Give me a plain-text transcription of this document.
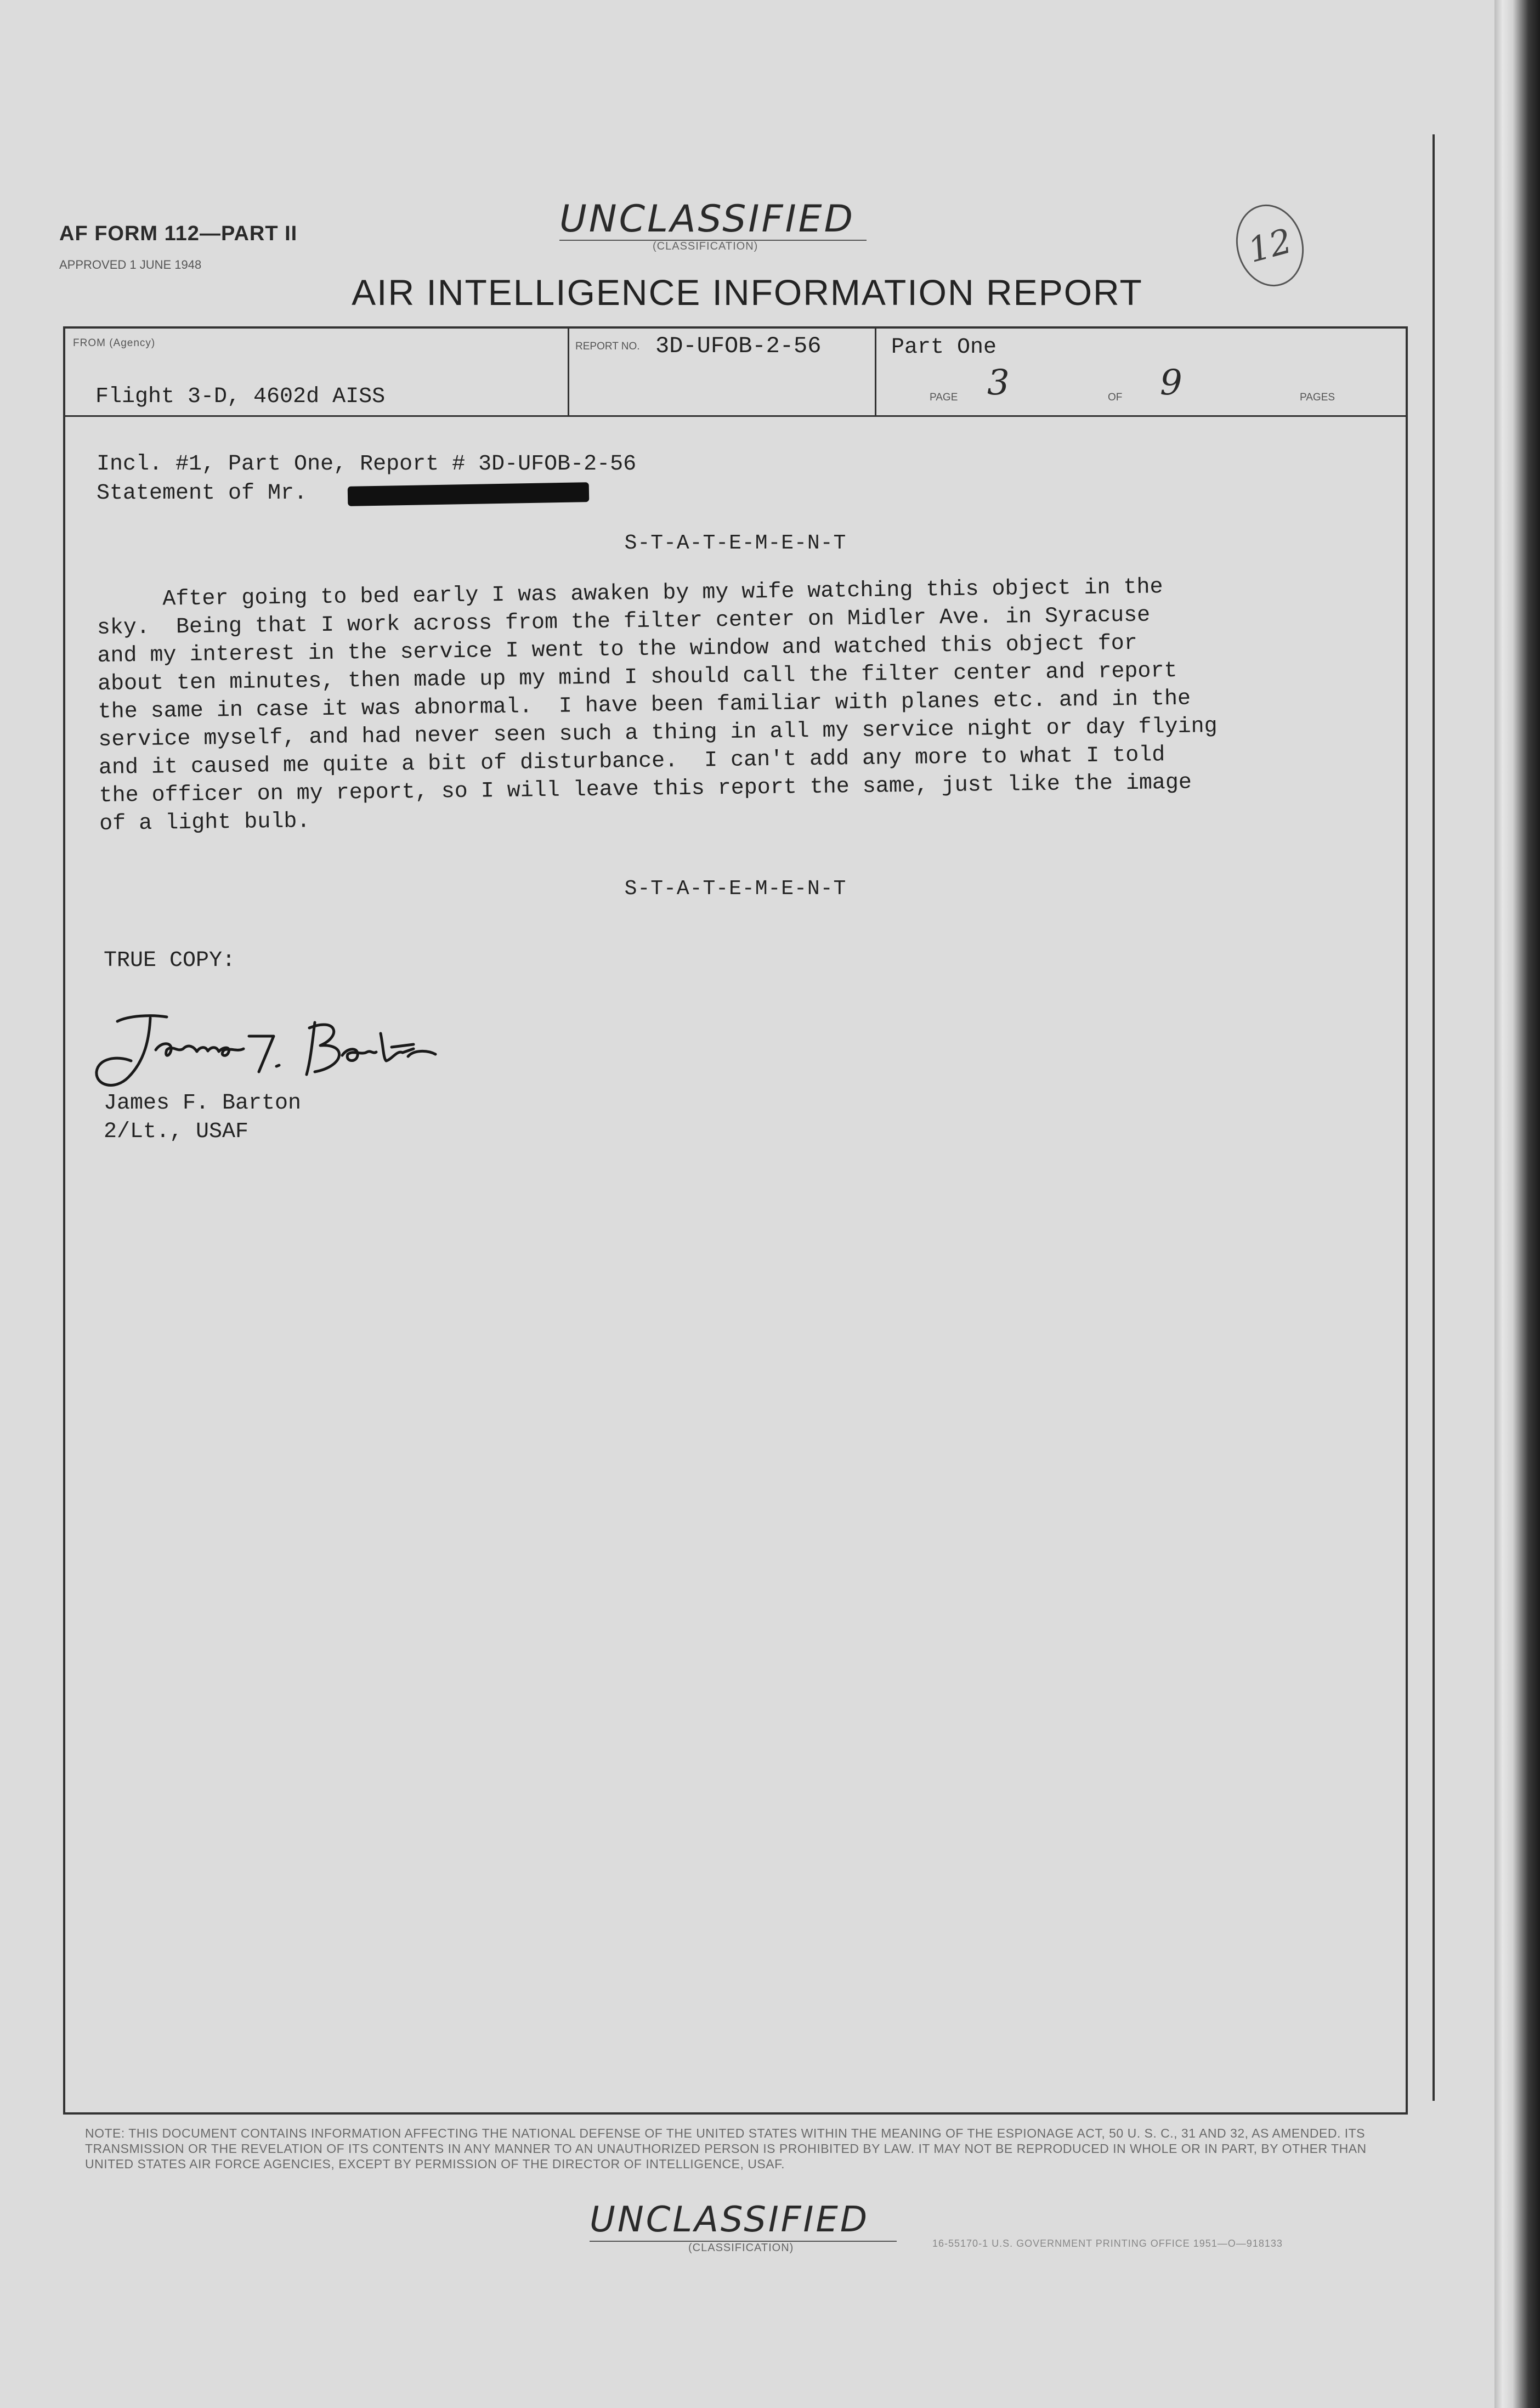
AF FORM 112—PART II
APPROVED 1 JUNE 1948
UNCLASSIFIED
(CLASSIFICATION)	12
AIR INTELLIGENCE INFORMATION REPORT
FROM (Agency)
Flight 3-D, 4602d AISS
REPORT NO. 3D-UFOB-2-56	Part One
PAGE 3	OF 9	PAGES
Incl. #1, Part One, Report # 3D-UFOB-2-56
Statement of Mr.
S-T-A-T-E-M-E-N-T
After going to bed early I was awaken by my wife watching this object in the
sky.  Being that I work across from the filter center on Midler Ave. in Syracuse
and my interest in the service I went to the window and watched this object for
about ten minutes, then made up my mind I should call the filter center and report
the same in case it was abnormal.  I have been familiar with planes etc. and in the
service myself, and had never seen such a thing in all my service night or day flying
and it caused me quite a bit of disturbance.  I can't add any more to what I told
the officer on my report, so I will leave this report the same, just like the image
of a light bulb.
S-T-A-T-E-M-E-N-T
TRUE COPY:
James F. Barton
2/Lt., USAF
NOTE: THIS DOCUMENT CONTAINS INFORMATION AFFECTING THE NATIONAL DEFENSE OF THE UNITED STATES WITHIN THE MEANING OF THE ESPIONAGE ACT, 50 U. S. C., 31 AND 32, AS AMENDED. ITS TRANSMISSION OR THE REVELATION OF ITS CONTENTS IN ANY MANNER TO AN UNAUTHORIZED PERSON IS PROHIBITED BY LAW. IT MAY NOT BE REPRODUCED IN WHOLE OR IN PART, BY OTHER THAN UNITED STATES AIR FORCE AGENCIES, EXCEPT BY PERMISSION OF THE DIRECTOR OF INTELLIGENCE, USAF.
UNCLASSIFIED
(CLASSIFICATION)	16-55170-1 U.S. GOVERNMENT PRINTING OFFICE 1951—O—918133
